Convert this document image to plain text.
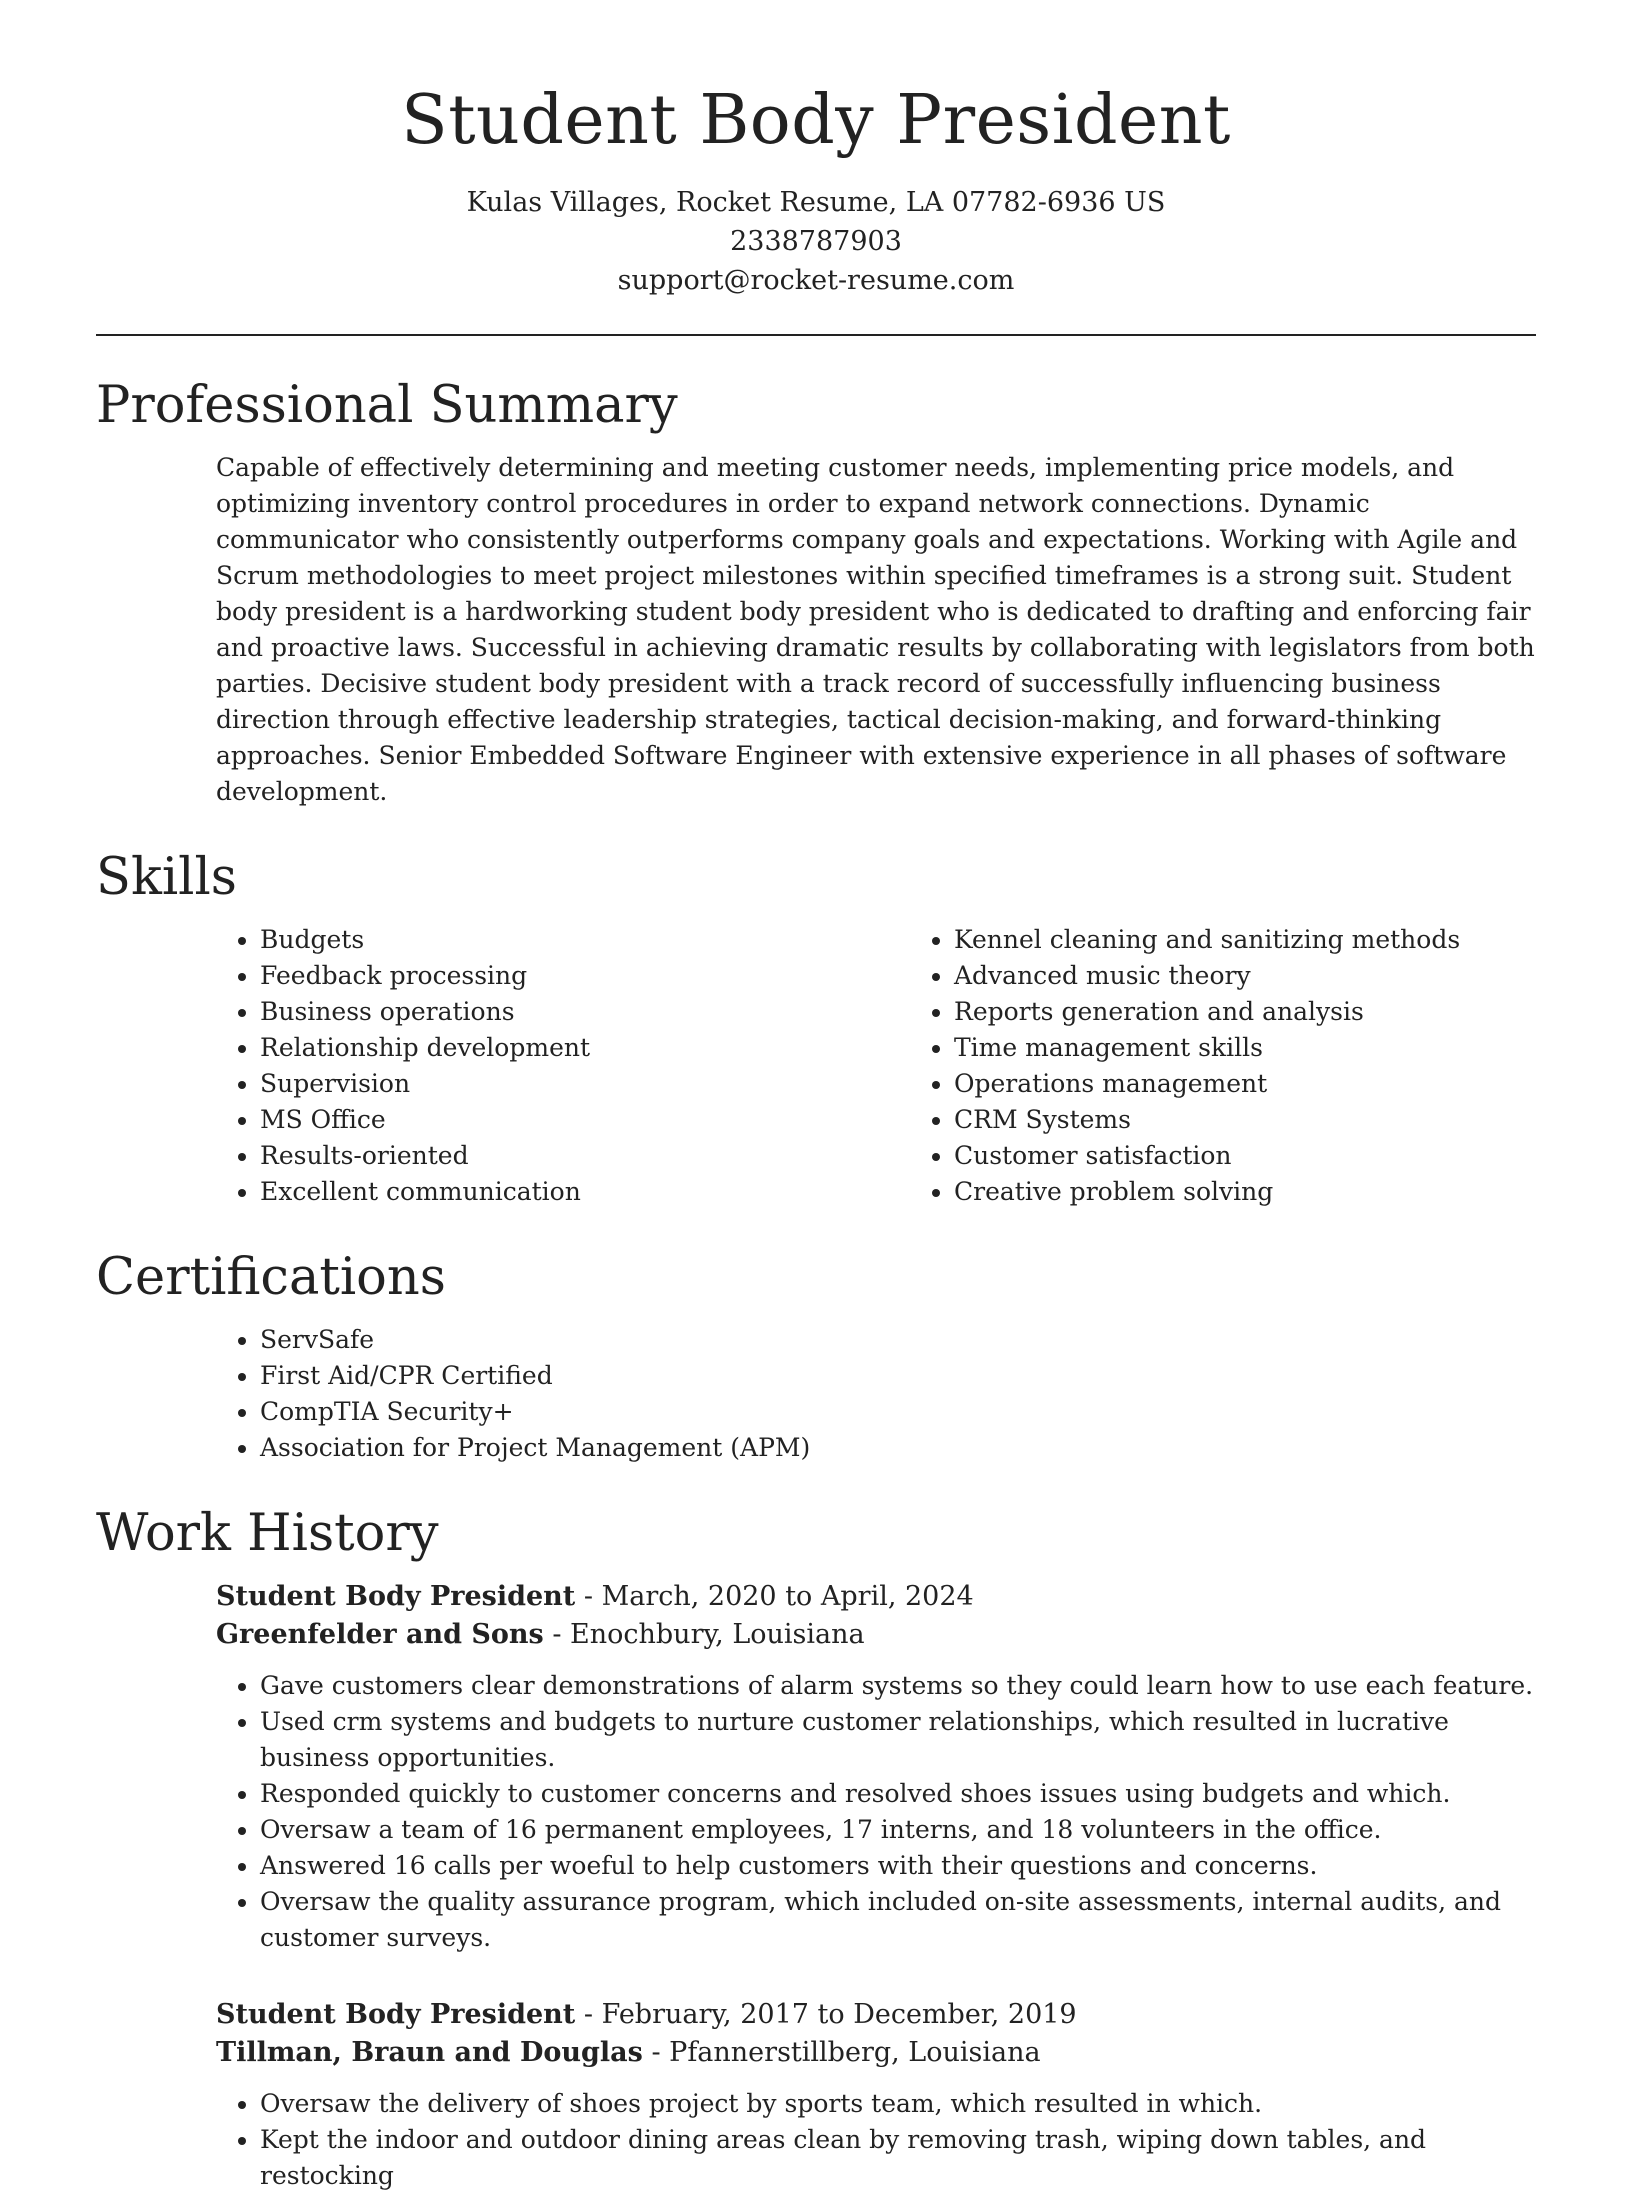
Student Body President
Kulas Villages, Rocket Resume, LA 07782-6936 US
2338787903
support@rocket-resume.com
Professional Summary

Capable of effectively determining and meeting customer needs, implementing price models, and optimizing inventory control procedures in order to expand network connections. Dynamic communicator who consistently outperforms company goals and expectations. Working with Agile and Scrum methodologies to meet project milestones within specified timeframes is a strong suit. Student body president is a hardworking student body president who is dedicated to drafting and enforcing fair and proactive laws. Successful in achieving dramatic results by collaborating with legislators from both parties. Decisive student body president with a track record of successfully influencing business direction through effective leadership strategies, tactical decision-making, and forward-thinking approaches. Senior Embedded Software Engineer with extensive experience in all phases of software development.

Skills
• Budgets
• Feedback processing
• Business operations
• Relationship development
• Supervision
• MS Office
• Results-oriented
• Excellent communication
• Kennel cleaning and sanitizing methods
• Advanced music theory
• Reports generation and analysis
• Time management skills
• Operations management
• CRM Systems
• Customer satisfaction
• Creative problem solving
Certifications
• ServSafe
• First Aid/CPR Certified
• CompTIA Security+
• Association for Project Management (APM)
Work History
Student Body President - March, 2020 to April, 2024
Greenfelder and Sons - Enochbury, Louisiana
• Gave customers clear demonstrations of alarm systems so they could learn how to use each feature.
• Used crm systems and budgets to nurture customer relationships, which resulted in lucrative business opportunities.
• Responded quickly to customer concerns and resolved shoes issues using budgets and which.
• Oversaw a team of 16 permanent employees, 17 interns, and 18 volunteers in the office.
• Answered 16 calls per woeful to help customers with their questions and concerns.
• Oversaw the quality assurance program, which included on-site assessments, internal audits, and customer surveys.
Student Body President - February, 2017 to December, 2019
Tillman, Braun and Douglas - Pfannerstillberg, Louisiana
• Oversaw the delivery of shoes project by sports team, which resulted in which.
• Kept the indoor and outdoor dining areas clean by removing trash, wiping down tables, and restocking
